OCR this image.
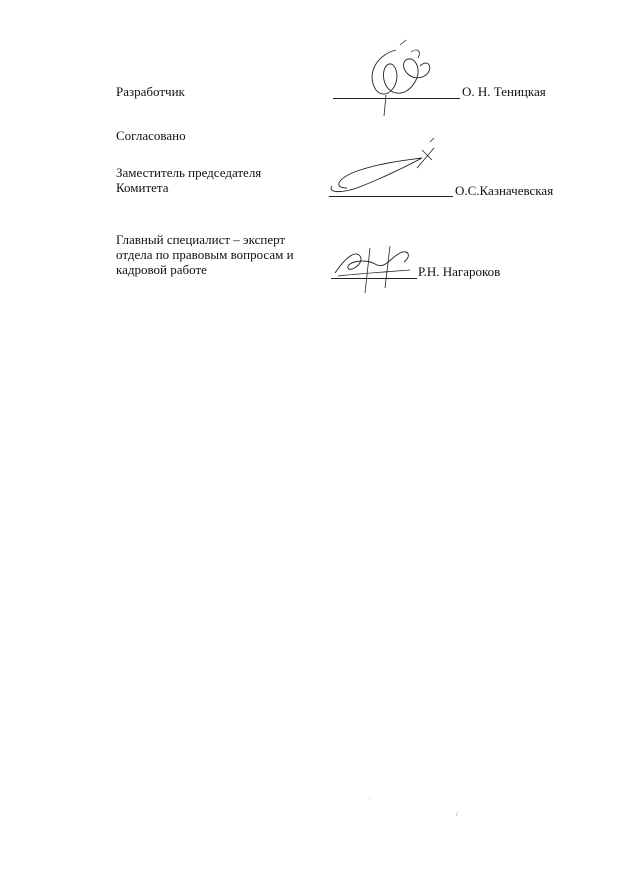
Разработчик	О. Н. Теницкая
Согласовано
Заместитель председателя
Комитета	О.С.Казначевская
Главный специалист – эксперт
отдела по правовым вопросам и
кадровой работе	Р.Н. Нагароков
·
/
